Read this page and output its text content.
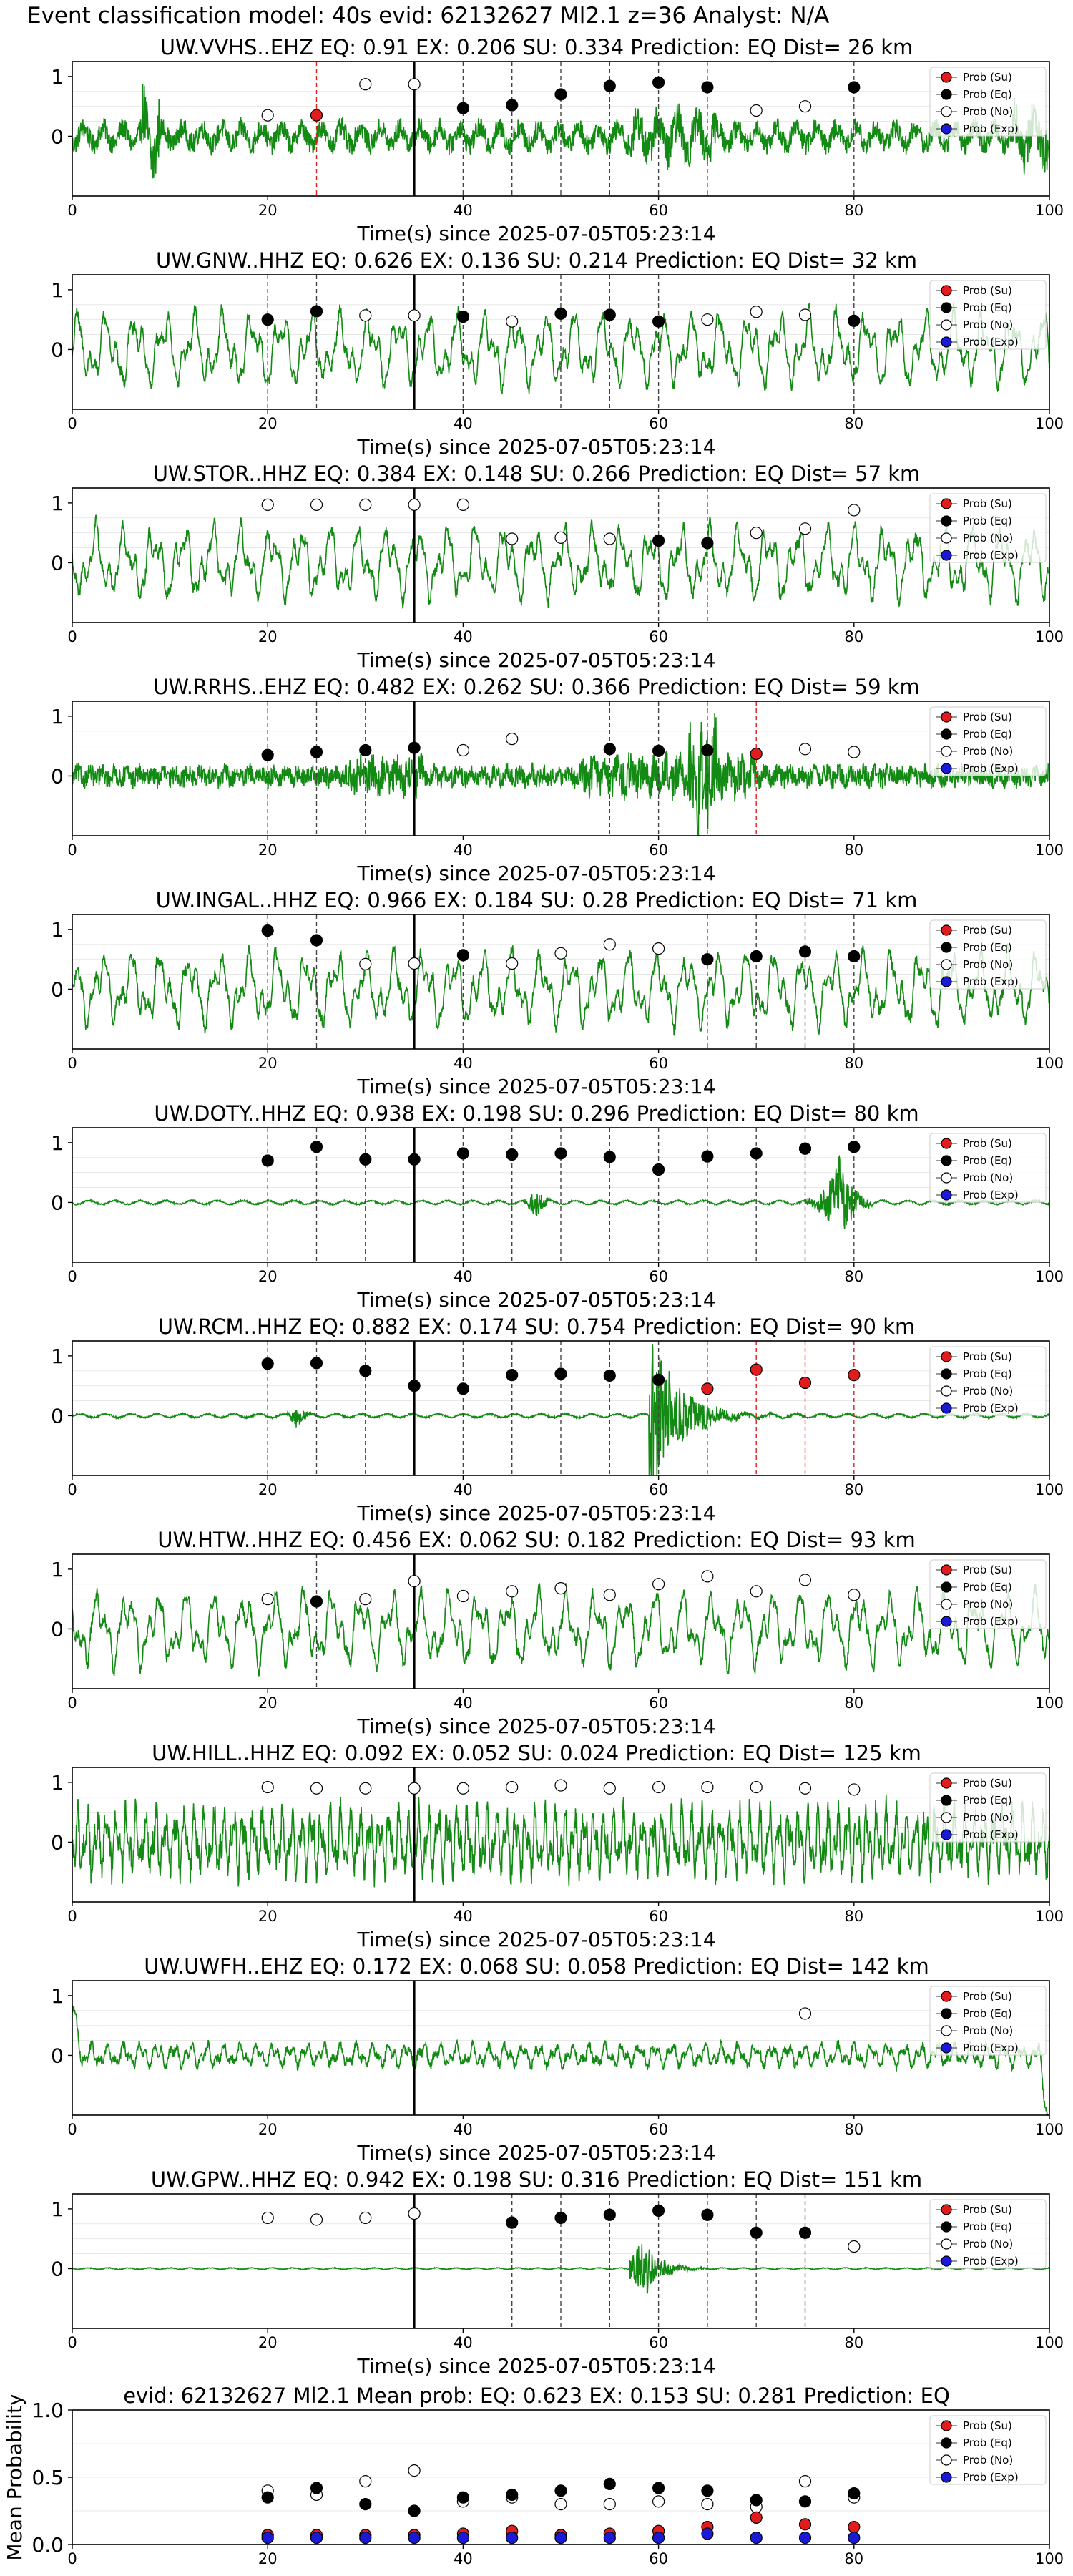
Event classification model: 40s evid: 62132627 Ml2.1 z=36 Analyst: N/A
UW.VVHS..EHZ EQ: 0.91 EX: 0.206 SU: 0.334 Prediction: EQ Dist= 26 km
0
1
0	20	40	60	80	100
Time(s) since 2025-07-05T05:23:14
Prob (Su)
Prob (Eq)
Prob (No)
Prob (Exp)
UW.GNW..HHZ EQ: 0.626 EX: 0.136 SU: 0.214 Prediction: EQ Dist= 32 km
0
1
0	20	40	60	80	100
Time(s) since 2025-07-05T05:23:14
Prob (Su)
Prob (Eq)
Prob (No)
Prob (Exp)
UW.STOR..HHZ EQ: 0.384 EX: 0.148 SU: 0.266 Prediction: EQ Dist= 57 km
0
1
0	20	40	60	80	100
Time(s) since 2025-07-05T05:23:14
Prob (Su)
Prob (Eq)
Prob (No)
Prob (Exp)
UW.RRHS..EHZ EQ: 0.482 EX: 0.262 SU: 0.366 Prediction: EQ Dist= 59 km
0
1
0	20	40	60	80	100
Time(s) since 2025-07-05T05:23:14
Prob (Su)
Prob (Eq)
Prob (No)
Prob (Exp)
UW.INGAL..HHZ EQ: 0.966 EX: 0.184 SU: 0.28 Prediction: EQ Dist= 71 km
0
1
0	20	40	60	80	100
Time(s) since 2025-07-05T05:23:14
Prob (Su)
Prob (Eq)
Prob (No)
Prob (Exp)
UW.DOTY..HHZ EQ: 0.938 EX: 0.198 SU: 0.296 Prediction: EQ Dist= 80 km
0
1
0	20	40	60	80	100
Time(s) since 2025-07-05T05:23:14
Prob (Su)
Prob (Eq)
Prob (No)
Prob (Exp)
UW.RCM..HHZ EQ: 0.882 EX: 0.174 SU: 0.754 Prediction: EQ Dist= 90 km
0
1
0	20	40	60	80	100
Time(s) since 2025-07-05T05:23:14
Prob (Su)
Prob (Eq)
Prob (No)
Prob (Exp)
UW.HTW..HHZ EQ: 0.456 EX: 0.062 SU: 0.182 Prediction: EQ Dist= 93 km
0
1
0	20	40	60	80	100
Time(s) since 2025-07-05T05:23:14
Prob (Su)
Prob (Eq)
Prob (No)
Prob (Exp)
UW.HILL..HHZ EQ: 0.092 EX: 0.052 SU: 0.024 Prediction: EQ Dist= 125 km
0
1
0	20	40	60	80	100
Time(s) since 2025-07-05T05:23:14
Prob (Su)
Prob (Eq)
Prob (No)
Prob (Exp)
UW.UWFH..EHZ EQ: 0.172 EX: 0.068 SU: 0.058 Prediction: EQ Dist= 142 km
0
1
0	20	40	60	80	100
Time(s) since 2025-07-05T05:23:14
Prob (Su)
Prob (Eq)
Prob (No)
Prob (Exp)
UW.GPW..HHZ EQ: 0.942 EX: 0.198 SU: 0.316 Prediction: EQ Dist= 151 km
0
1
0	20	40	60	80	100
Time(s) since 2025-07-05T05:23:14
Prob (Su)
Prob (Eq)
Prob (No)
Prob (Exp)
evid: 62132627 Ml2.1 Mean prob: EQ: 0.623 EX: 0.153 SU: 0.281 Prediction: EQ
0.0
0.5
1.0
0	20	40	60	80	100
Mean Probability	Prob (Su)
Prob (Eq)
Prob (No)
Prob (Exp)
